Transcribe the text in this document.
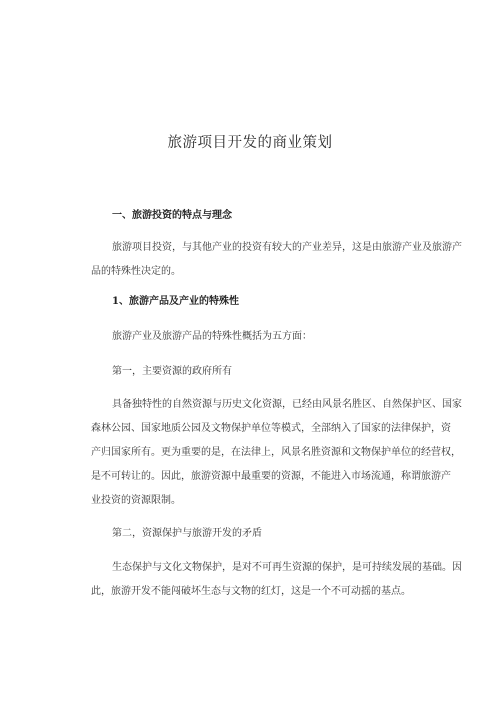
旅游项目开发的商业策划
一、旅游投资的特点与理念
旅游项目投资，与其他产业的投资有较大的产业差异，这是由旅游产业及旅游产
品的特殊性决定的。
1、旅游产品及产业的特殊性
旅游产业及旅游产品的特殊性概括为五方面：
第一，主要资源的政府所有
具备独特性的自然资源与历史文化资源，已经由风景名胜区、自然保护区、国家
森林公园、国家地质公园及文物保护单位等模式，全部纳入了国家的法律保护，资
产归国家所有。更为重要的是，在法律上，风景名胜资源和文物保护单位的经营权，
是不可转让的。因此，旅游资源中最重要的资源，不能进入市场流通，称谓旅游产
业投资的资源限制。
第二，资源保护与旅游开发的矛盾
生态保护与文化文物保护，是对不可再生资源的保护，是可持续发展的基础。因
此，旅游开发不能闯破坏生态与文物的红灯，这是一个不可动摇的基点。
